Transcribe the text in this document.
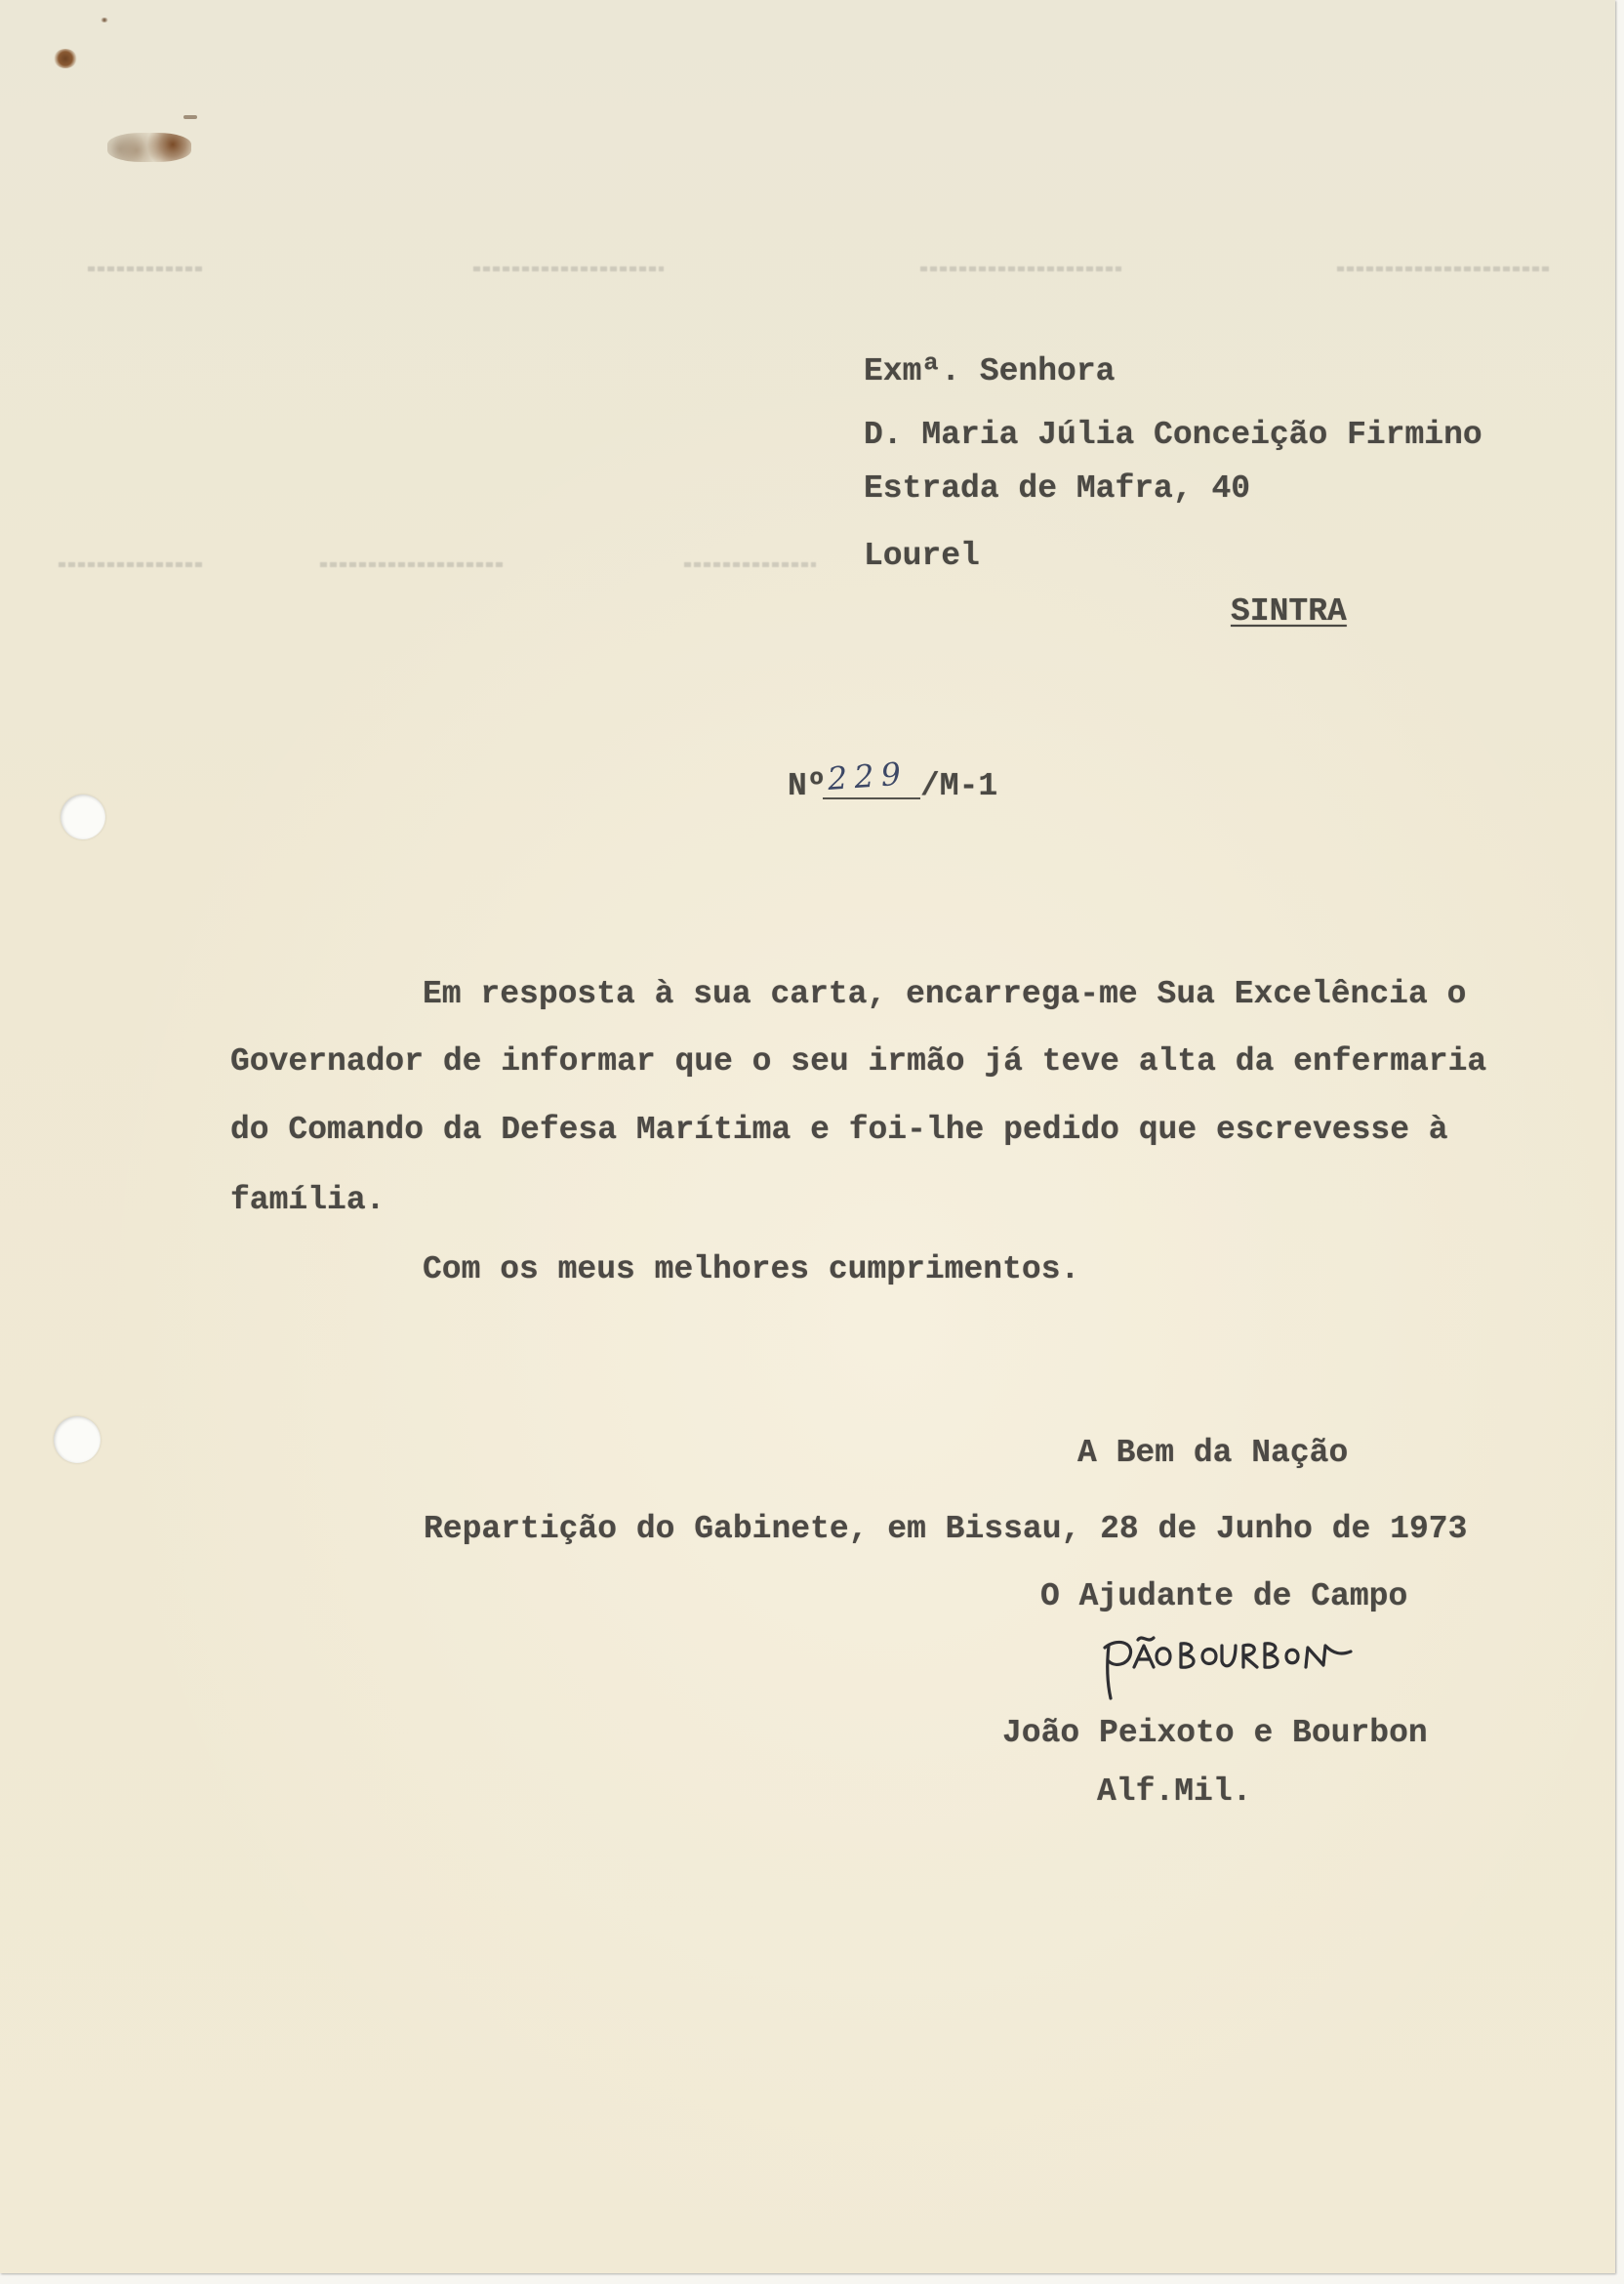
Exmª. Senhora
D. Maria Júlia Conceição Firmino
Estrada de Mafra, 40
Lourel
SINTRA
Nº 229 /M-1
Em resposta à sua carta, encarrega-me Sua Excelência o
Governador de informar que o seu irmão já teve alta da enfermaria
do Comando da Defesa Marítima e foi-lhe pedido que escrevesse à
família.
Com os meus melhores cumprimentos.
A Bem da Nação
Repartição do Gabinete, em Bissau, 28 de Junho de 1973
O Ajudante de Campo
João Peixoto e Bourbon
Alf.Mil.
